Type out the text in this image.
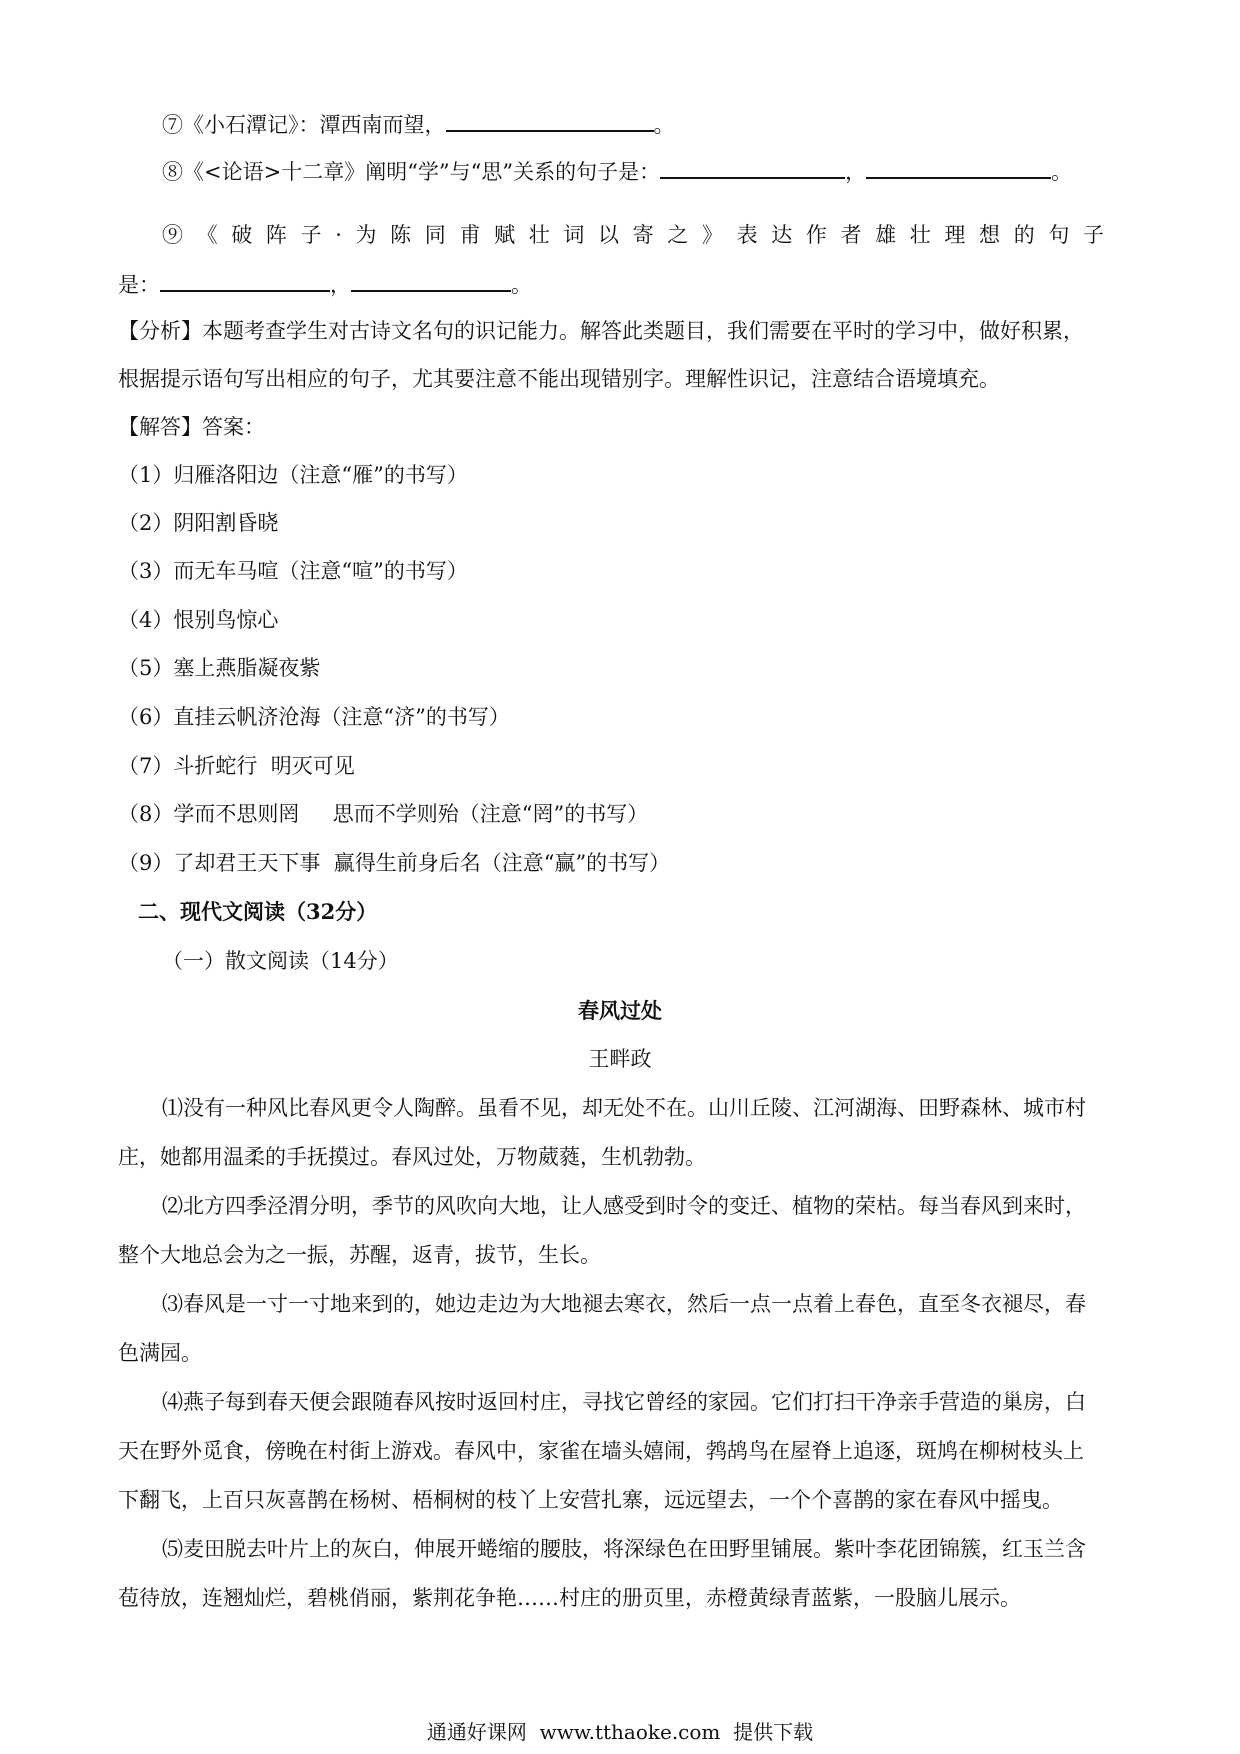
⑦《小石潭记》：潭西南而望，	。
⑧《<论语>十二章》阐明“学”与“思”关系的句子是：	，	。
⑨《破阵子·为陈同甫赋壮词以寄之》表达作者雄壮理想的句子
是：	，	。
【分析】本题考查学生对古诗文名句的识记能力。解答此类题目，我们需要在平时的学习中，做好积累，
根据提示语句写出相应的句子，尤其要注意不能出现错别字。理解性识记，注意结合语境填充。
【解答】答案：
（1）归雁洛阳边（注意“雁”的书写）
（2）阴阳割昏晓
（3）而无车马喧（注意“喧”的书写）
（4）恨别鸟惊心
（5）塞上燕脂凝夜紫
（6）直挂云帆济沧海（注意“济”的书写）
（7）斗折蛇行  明灭可见
（8）学而不思则罔     思而不学则殆（注意“罔”的书写）
（9）了却君王天下事  赢得生前身后名（注意“赢”的书写）
二、现代文阅读（32分）
（一）散文阅读（14分）
春风过处
王畔政
⑴没有一种风比春风更令人陶醉。虽看不见，却无处不在。山川丘陵、江河湖海、田野森林、城市村
庄，她都用温柔的手抚摸过。春风过处，万物葳蕤，生机勃勃。
⑵北方四季泾渭分明，季节的风吹向大地，让人感受到时令的变迁、植物的荣枯。每当春风到来时，
整个大地总会为之一振，苏醒，返青，拔节，生长。
⑶春风是一寸一寸地来到的，她边走边为大地褪去寒衣，然后一点一点着上春色，直至冬衣褪尽，春
色满园。
⑷燕子每到春天便会跟随春风按时返回村庄，寻找它曾经的家园。它们打扫干净亲手营造的巢房，白
天在野外觅食，傍晚在村街上游戏。春风中，家雀在墙头嬉闹，鹁鸪鸟在屋脊上追逐，斑鸠在柳树枝头上
下翻飞，上百只灰喜鹊在杨树、梧桐树的枝丫上安营扎寨，远远望去，一个个喜鹊的家在春风中摇曳。
⑸麦田脱去叶片上的灰白，伸展开蜷缩的腰肢，将深绿色在田野里铺展。紫叶李花团锦簇，红玉兰含
苞待放，连翘灿烂，碧桃俏丽，紫荆花争艳……村庄的册页里，赤橙黄绿青蓝紫，一股脑儿展示。
通通好课网  www.tthaoke.com  提供下载
